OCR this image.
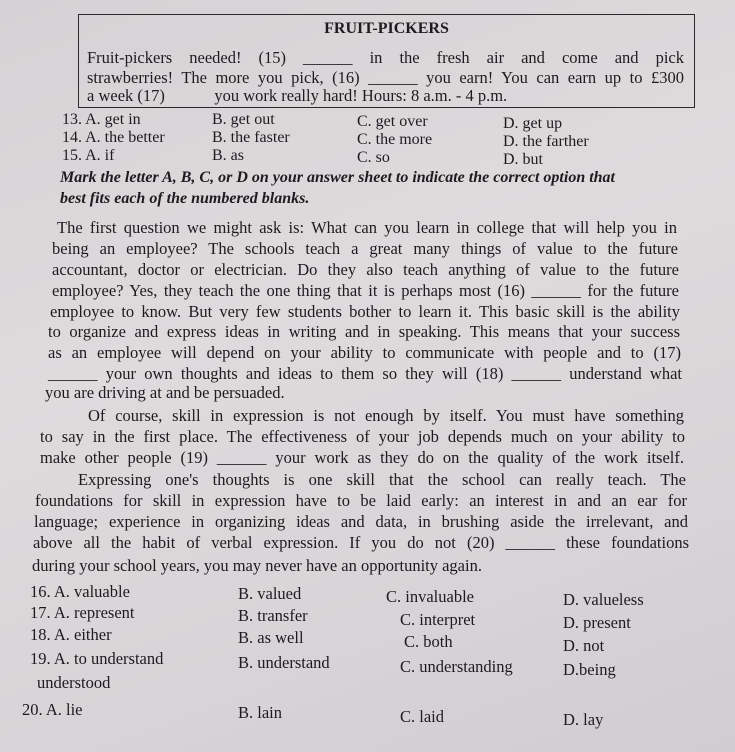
FRUIT-PICKERS
Fruit-pickers needed! (15) ______ in the fresh air and come and pick
strawberries! The more you pick, (16) ______ you earn! You can earn up to £300
a week (17)            you work really hard! Hours: 8 a.m. - 4 p.m.
13. A. get in	B. get out	C. get over	D. get up
14. A. the better	B. the faster	C. the more	D. the farther
15. A. if	B. as	C. so	D. but
Mark the letter A, B, C, or D on your answer sheet to indicate the correct option that
best fits each of the numbered blanks.
The first question we might ask is: What can you learn in college that will help you in
being an employee? The schools teach a great many things of value to the future
accountant, doctor or electrician. Do they also teach anything of value to the future
employee? Yes, they teach the one thing that it is perhaps most (16) ______ for the future
employee to know. But very few students bother to learn it. This basic skill is the ability
to organize and express ideas in writing and in speaking. This means that your success
as an employee will depend on your ability to communicate with people and to (17)
______ your own thoughts and ideas to them so they will (18) ______ understand what
you are driving at and be persuaded.
Of course, skill in expression is not enough by itself. You must have something
to say in the first place. The effectiveness of your job depends much on your ability to
make other people (19) ______ your work as they do on the quality of the work itself.
Expressing one's thoughts is one skill that the school can really teach. The
foundations for skill in expression have to be laid early: an interest in and an ear for
language; experience in organizing ideas and data, in brushing aside the irrelevant, and
above all the habit of verbal expression. If you do not (20) ______ these foundations
during your school years, you may never have an opportunity again.
16. A. valuable	B. valued	C. invaluable	D. valueless
17. A. represent	B. transfer	C. interpret	D. present
18. A. either	B. as well	C. both	D. not
19. A. to understand	B. understand	C. understanding	D.being
understood
20. A. lie	B. lain	C. laid	D. lay
